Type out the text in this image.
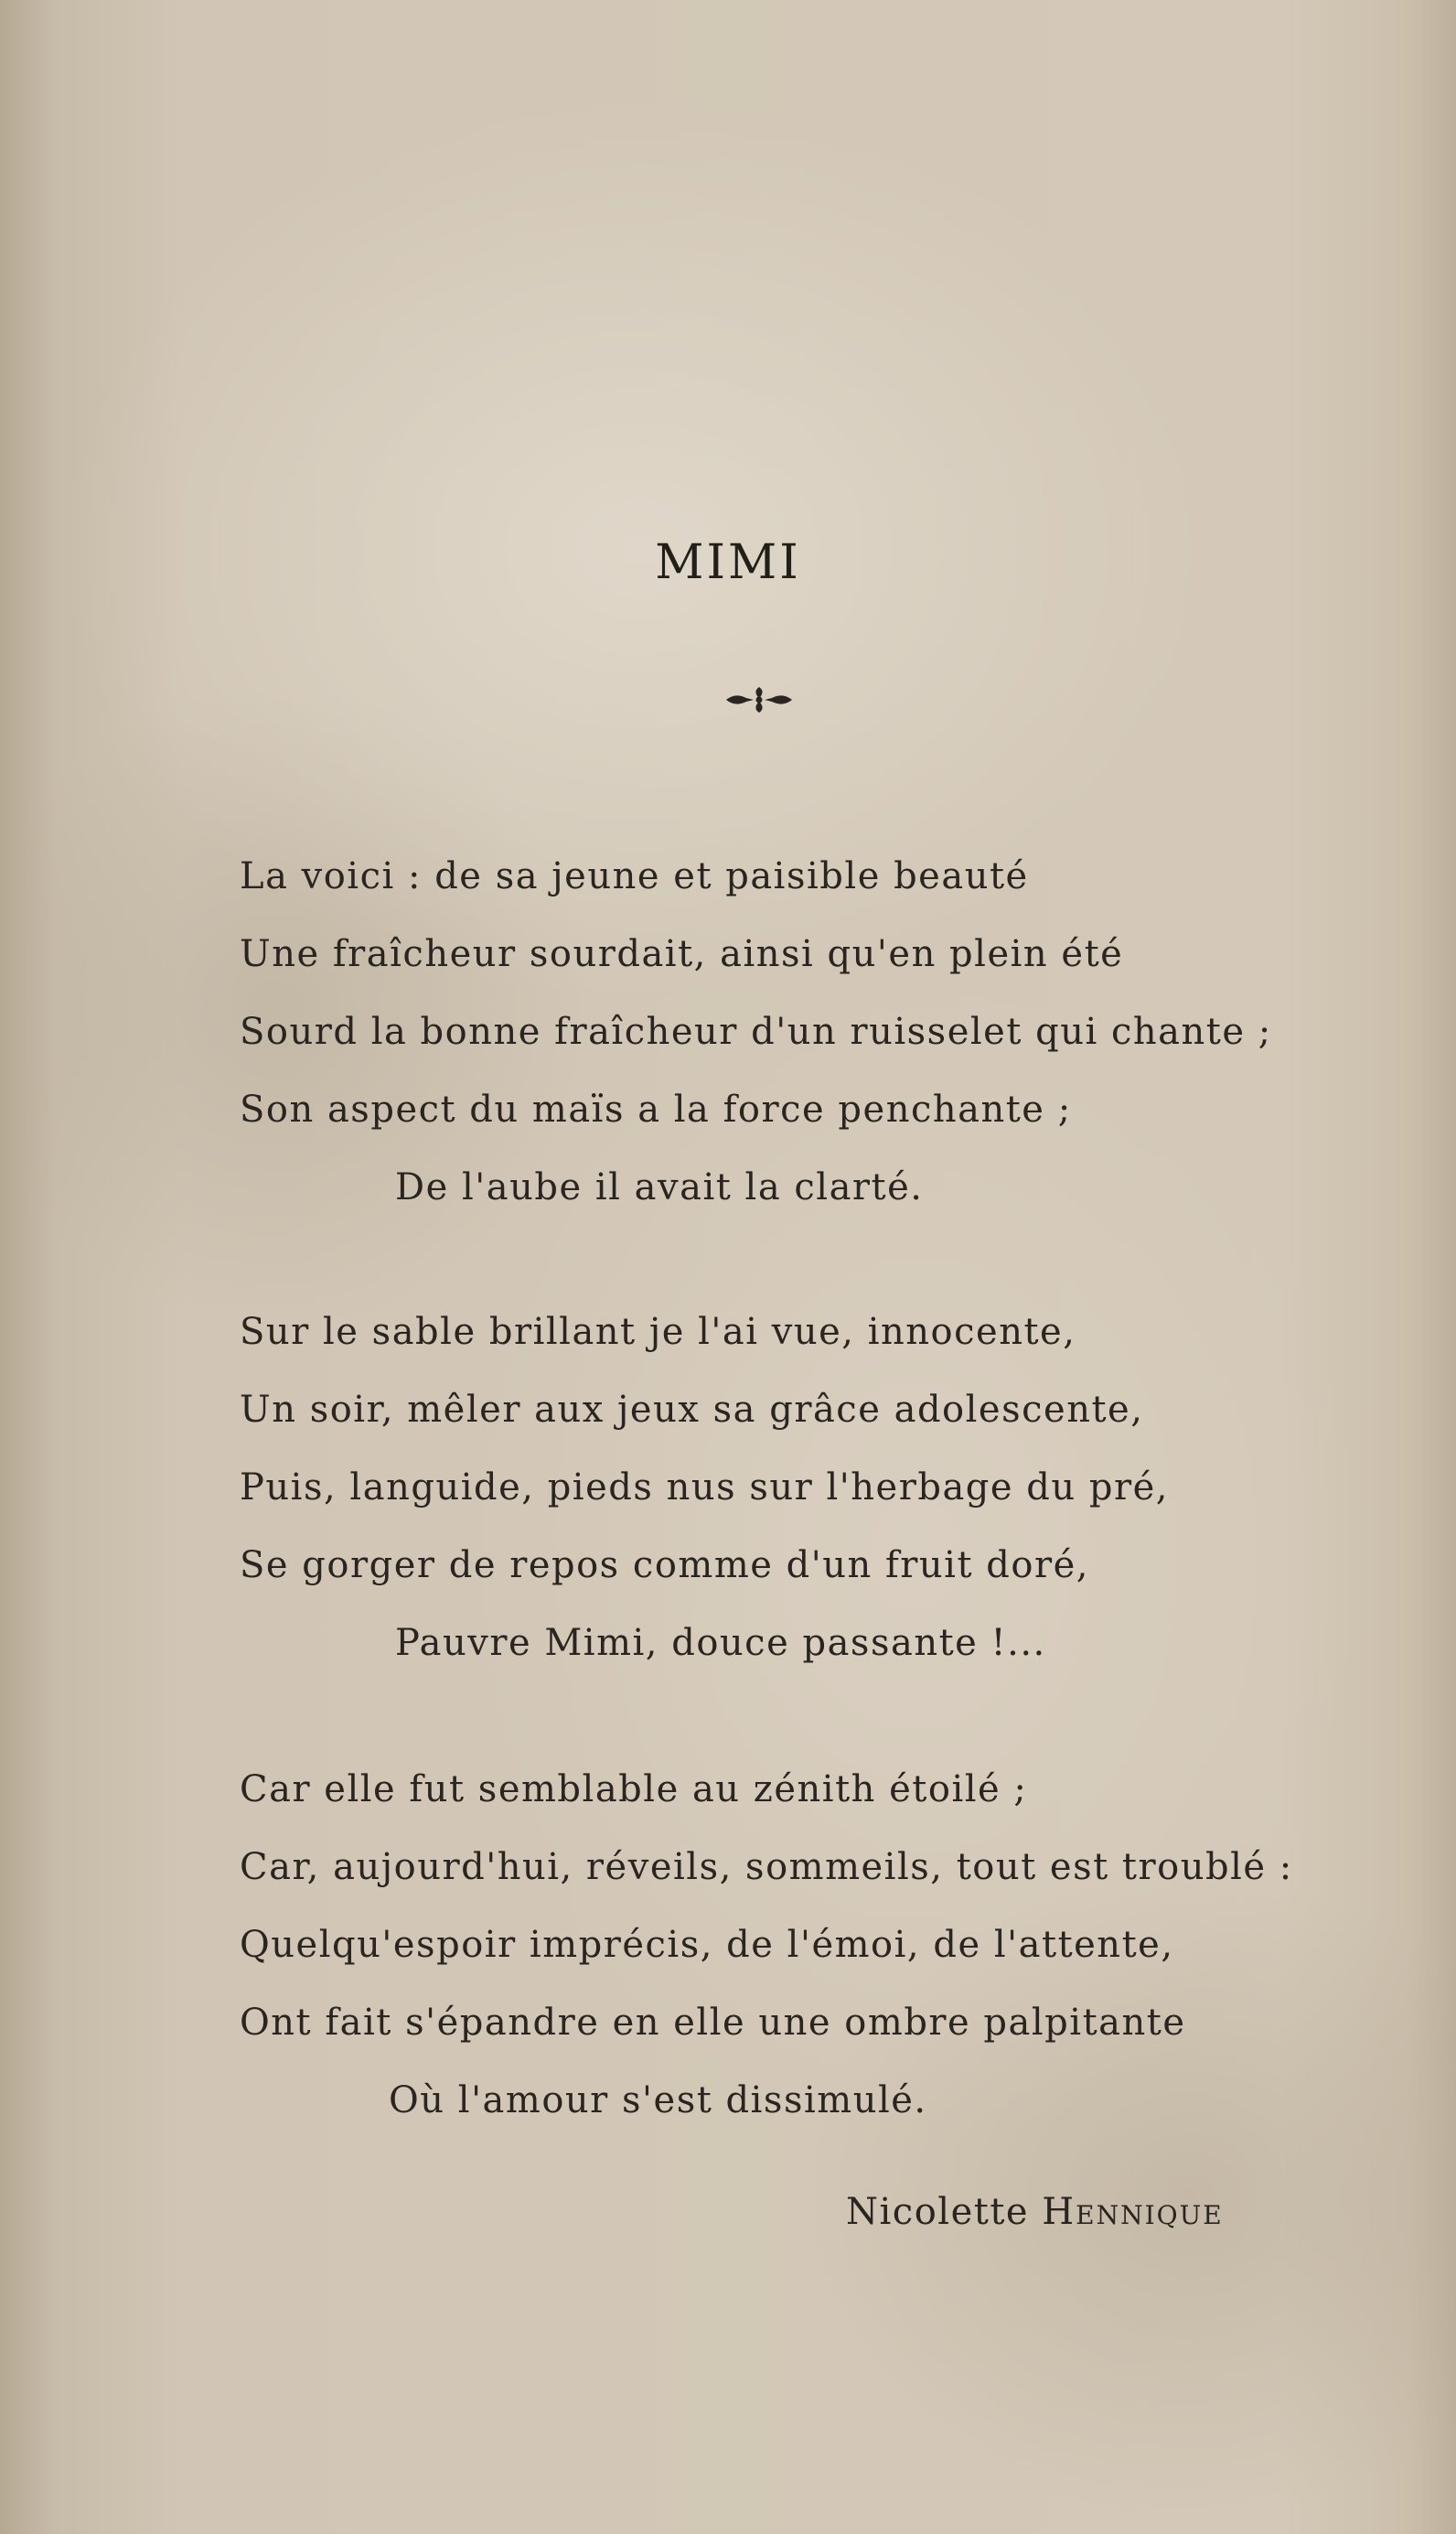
MIMI
La voici : de sa jeune et paisible beauté
Une fraîcheur sourdait, ainsi qu'en plein été
Sourd la bonne fraîcheur d'un ruisselet qui chante ;
Son aspect du maïs a la force penchante ;
De l'aube il avait la clarté.
Sur le sable brillant je l'ai vue, innocente,
Un soir, mêler aux jeux sa grâce adolescente,
Puis, languide, pieds nus sur l'herbage du pré,
Se gorger de repos comme d'un fruit doré,
Pauvre Mimi, douce passante !...
Car elle fut semblable au zénith étoilé ;
Car, aujourd'hui, réveils, sommeils, tout est troublé :
Quelqu'espoir imprécis, de l'émoi, de l'attente,
Ont fait s'épandre en elle une ombre palpitante
Où l'amour s'est dissimulé.
Nicolette Hennique
